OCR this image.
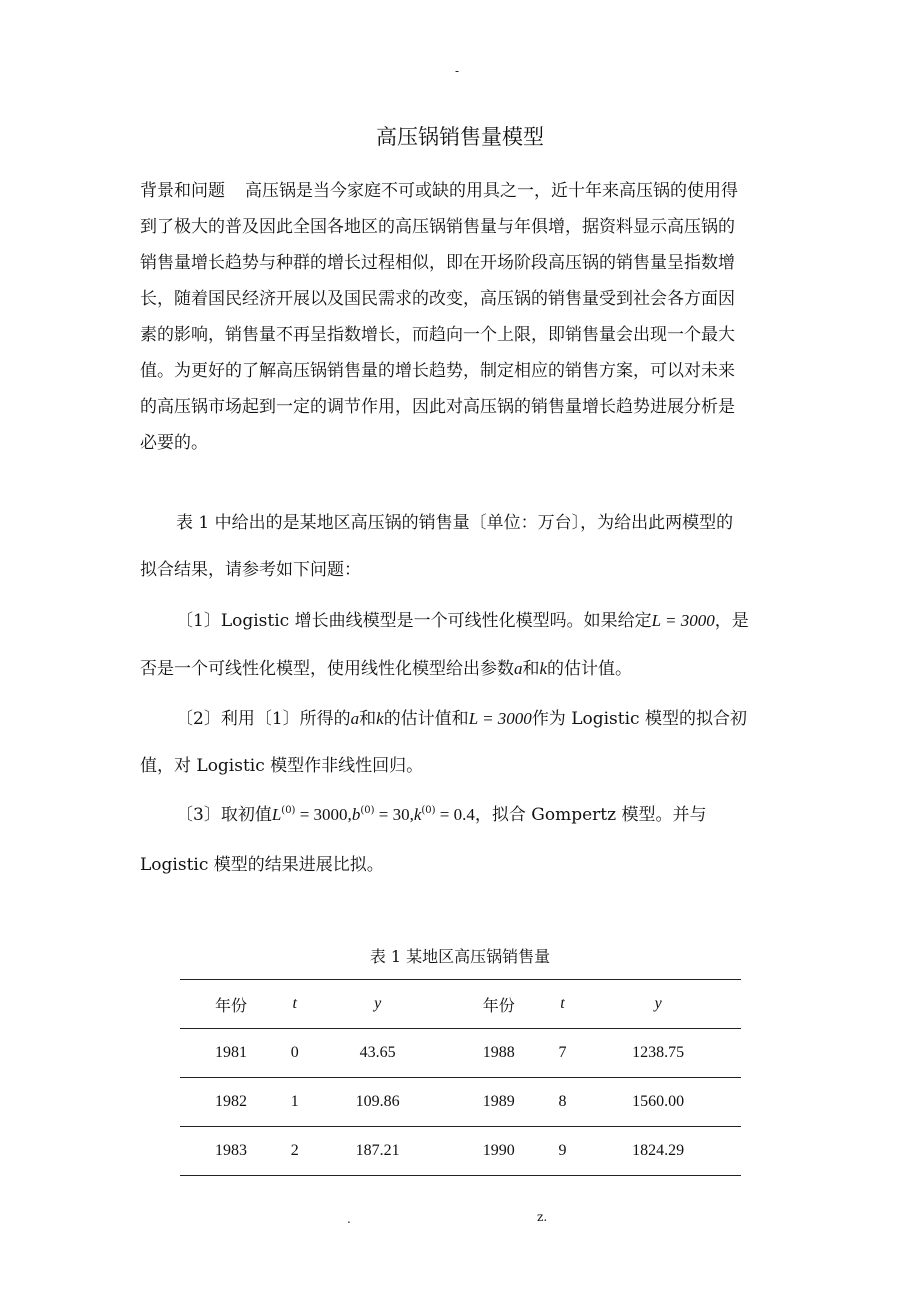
-
高压锅销售量模型
背景和问题 高压锅是当今家庭不可或缺的用具之一，近十年来高压锅的使用得
到了极大的普及因此全国各地区的高压锅销售量与年俱增，据资料显示高压锅的
销售量增长趋势与种群的增长过程相似，即在开场阶段高压锅的销售量呈指数增
长，随着国民经济开展以及国民需求的改变，高压锅的销售量受到社会各方面因
素的影响，销售量不再呈指数增长，而趋向一个上限，即销售量会出现一个最大
值。为更好的了解高压锅销售量的增长趋势，制定相应的销售方案，可以对未来
的高压锅市场起到一定的调节作用，因此对高压锅的销售量增长趋势进展分析是
必要的。
表 1 中给出的是某地区高压锅的销售量〔单位：万台〕，为给出此两模型的
拟合结果，请参考如下问题：
〔1〕Logistic 增长曲线模型是一个可线性化模型吗。如果给定L = 3000，是
否是一个可线性化模型，使用线性化模型给出参数a和k的估计值。
〔2〕利用〔1〕所得的a和k的估计值和L = 3000作为 Logistic 模型的拟合初
值，对 Logistic 模型作非线性回归。
〔3〕取初值$L^{(0)} = 3000,b^{(0)} = 30,k^{(0)} = 0.4$，拟合 Gompertz 模型。并与
Logistic 模型的结果进展比拟。
表 1 某地区高压锅销售量
年份	t	y	年份	t	y
1981	0	43.65	1988	7	1238.75
1982	1	109.86	1989	8	1560.00
1983	2	187.21	1990	9	1824.29
.	z.
